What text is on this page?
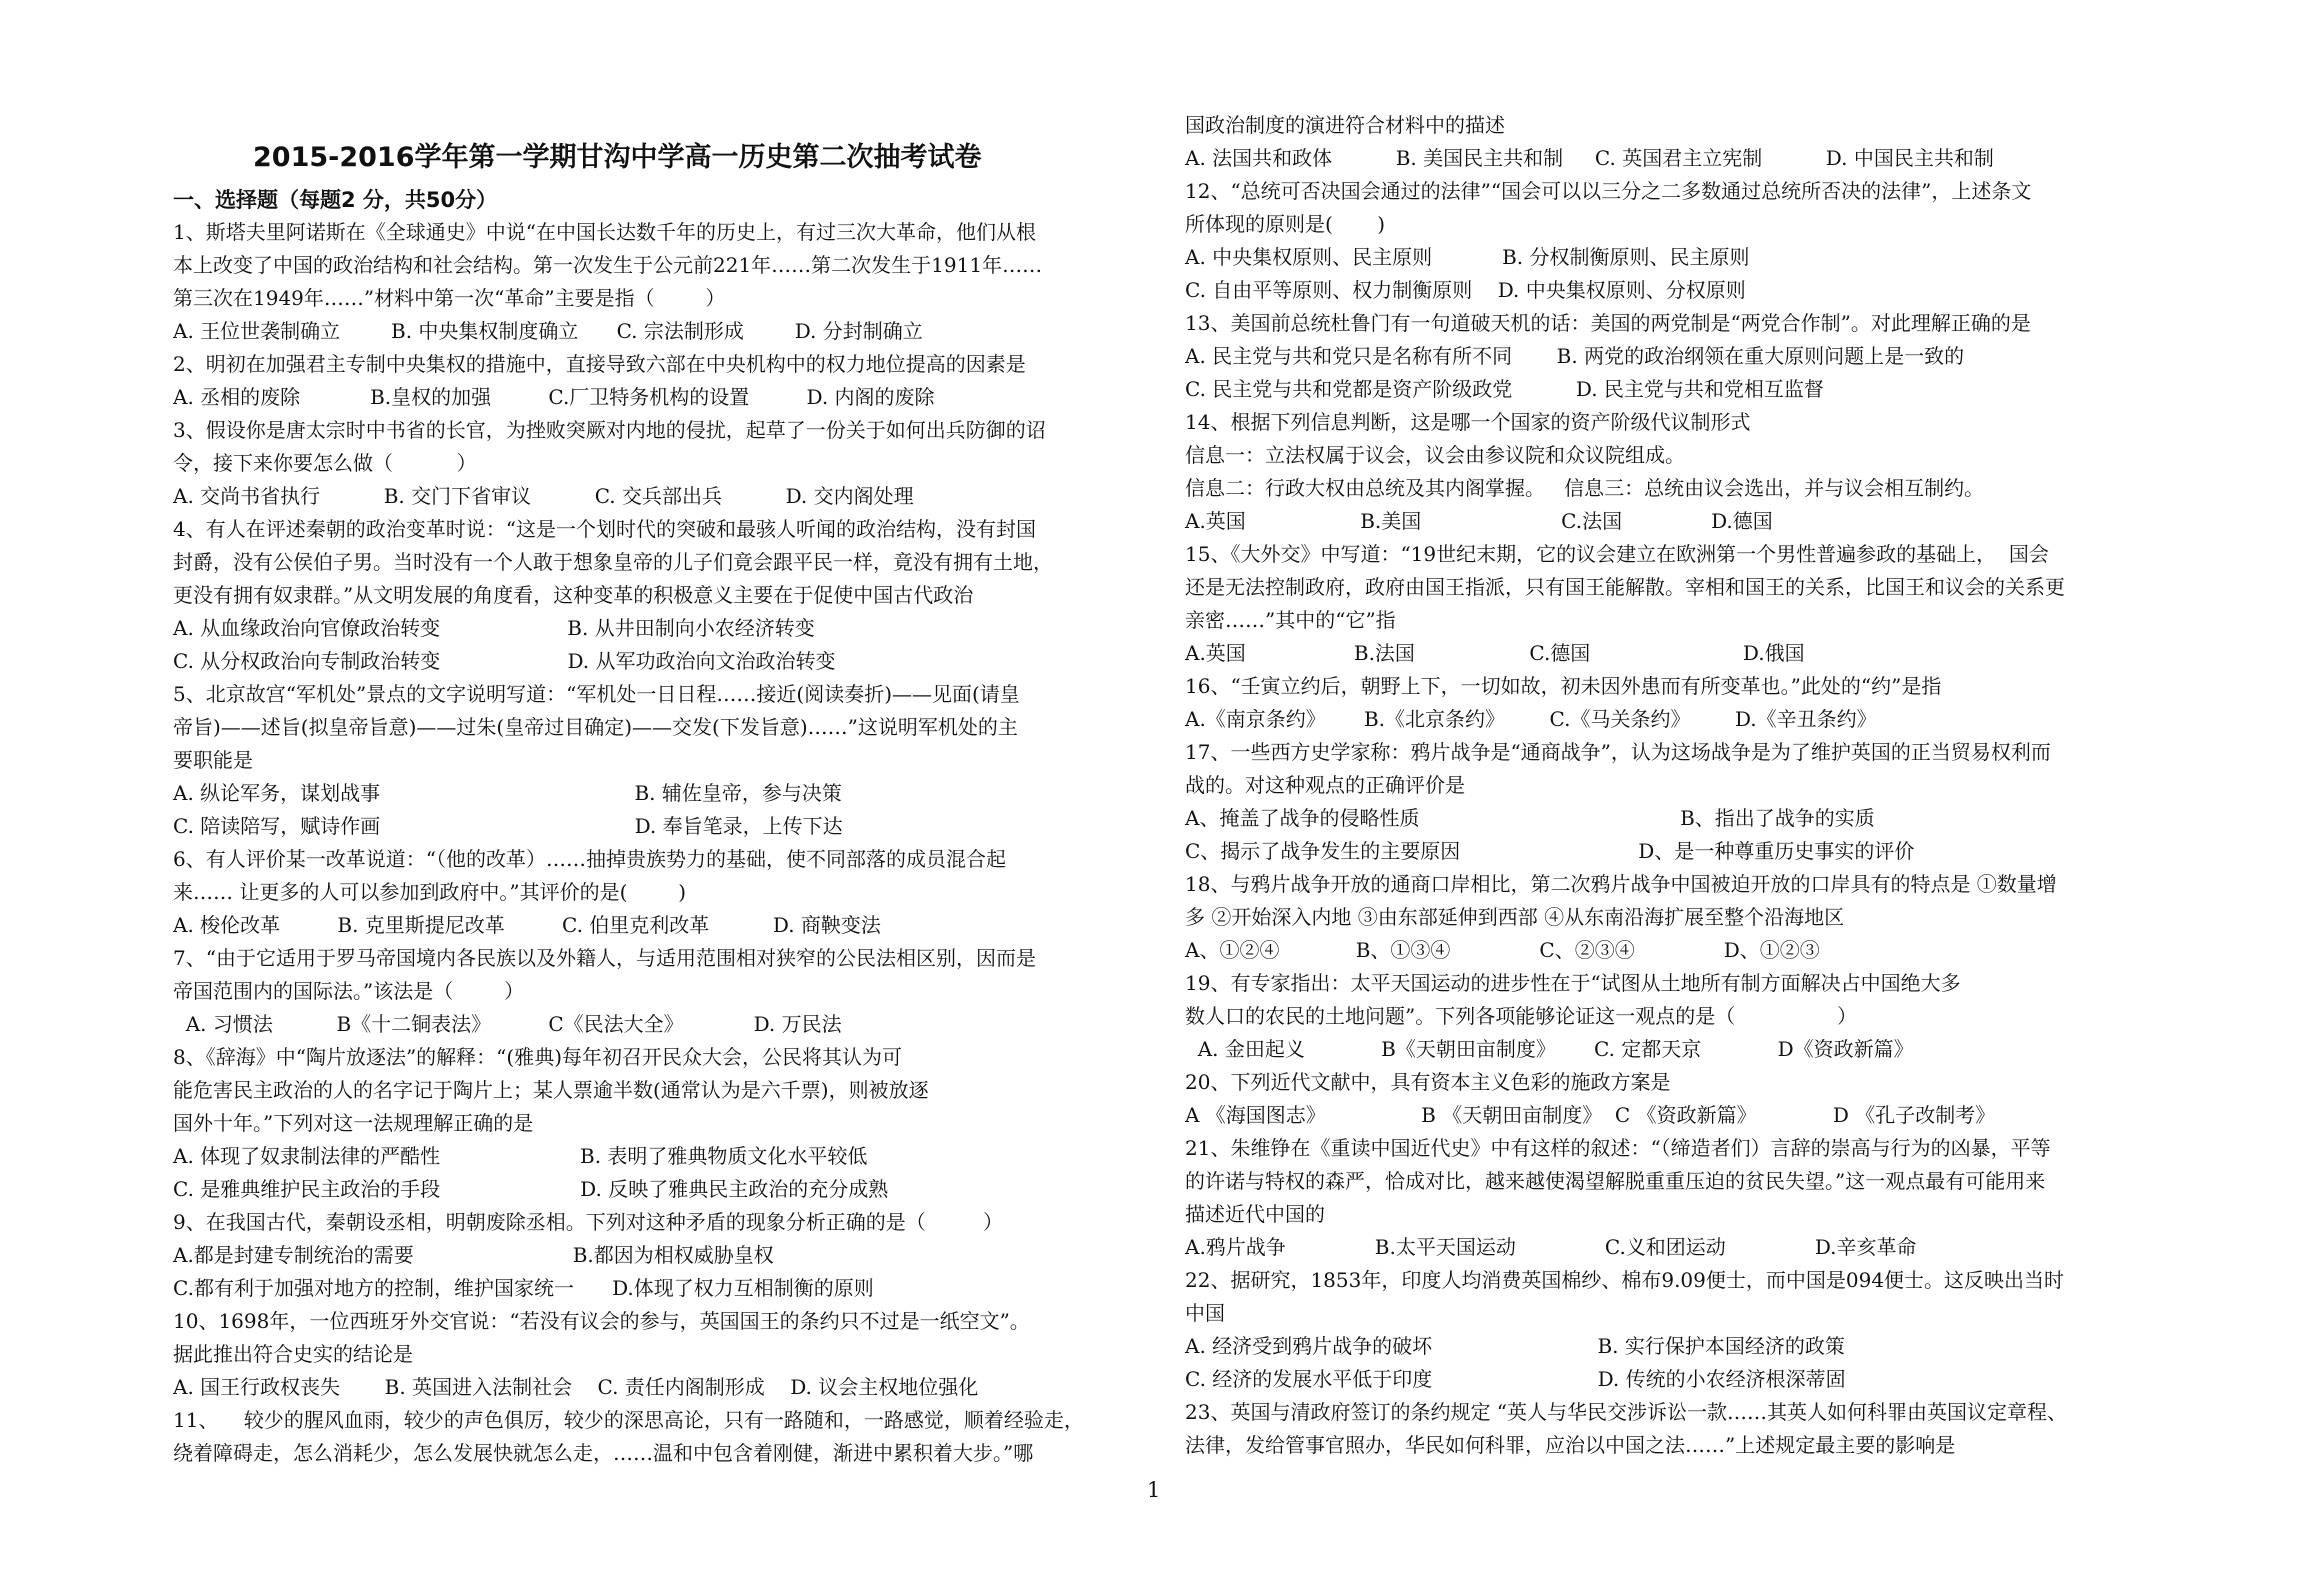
2015-2016学年第一学期甘沟中学高一历史第二次抽考试卷
一、选择题（每题2 分，共50分）
1、斯塔夫里阿诺斯在《全球通史》中说“在中国长达数千年的历史上，有过三次大革命，他们从根
本上改变了中国的政治结构和社会结构。第一次发生于公元前221年……第二次发生于1911年……
第三次在1949年……”材料中第一次“革命”主要是指（        ）
A. 王位世袭制确立        B. 中央集权制度确立      C. 宗法制形成        D. 分封制确立
2、明初在加强君主专制中央集权的措施中，直接导致六部在中央机构中的权力地位提高的因素是
A. 丞相的废除           B.皇权的加强         C.厂卫特务机构的设置         D. 内阁的废除
3、假设你是唐太宗时中书省的长官，为挫败突厥对内地的侵扰，起草了一份关于如何出兵防御的诏
令，接下来你要怎么做（          ）
A. 交尚书省执行          B. 交门下省审议          C. 交兵部出兵          D. 交内阁处理
4、有人在评述秦朝的政治变革时说：“这是一个划时代的突破和最骇人听闻的政治结构，没有封国
封爵，没有公侯伯子男。当时没有一个人敢于想象皇帝的儿子们竟会跟平民一样，竟没有拥有土地，
更没有拥有奴隶群。”从文明发展的角度看，这种变革的积极意义主要在于促使中国古代政治
A. 从血缘政治向官僚政治转变                    B. 从井田制向小农经济转变
C. 从分权政治向专制政治转变                    D. 从军功政治向文治政治转变
5、北京故宫“军机处”景点的文字说明写道：“军机处一日日程……接近(阅读奏折)——见面(请皇
帝旨)——述旨(拟皇帝旨意)——过朱(皇帝过目确定)——交发(下发旨意)……”这说明军机处的主
要职能是
A. 纵论军务，谋划战事                                        B. 辅佐皇帝，参与决策
C. 陪读陪写，赋诗作画                                        D. 奉旨笔录，上传下达
6、有人评价某一改革说道：“（他的改革）……抽掉贵族势力的基础，使不同部落的成员混合起
来…… 让更多的人可以参加到政府中。”其评价的是(        )
A. 梭伦改革         B. 克里斯提尼改革         C. 伯里克利改革          D. 商鞅变法
7、“由于它适用于罗马帝国境内各民族以及外籍人，与适用范围相对狭窄的公民法相区别，因而是
帝国范围内的国际法。”该法是（        ）
A. 习惯法          B《十二铜表法》         C《民法大全》           D. 万民法
8、《辞海》中“陶片放逐法”的解释：“(雅典)每年初召开民众大会，公民将其认为可
能危害民主政治的人的名字记于陶片上；某人票逾半数(通常认为是六千票)，则被放逐
国外十年。”下列对这一法规理解正确的是
A. 体现了奴隶制法律的严酷性                      B. 表明了雅典物质文化水平较低
C. 是雅典维护民主政治的手段                      D. 反映了雅典民主政治的充分成熟
9、在我国古代，秦朝设丞相，明朝废除丞相。下列对这种矛盾的现象分析正确的是（         ）
A.都是封建专制统治的需要                         B.都因为相权威胁皇权
C.都有利于加强对地方的控制，维护国家统一      D.体现了权力互相制衡的原则
10、1698年，一位西班牙外交官说：“若没有议会的参与，英国国王的条约只不过是一纸空文”。
据此推出符合史实的结论是
A. 国王行政权丧失       B. 英国进入法制社会    C. 责任内阁制形成    D. 议会主权地位强化
11、    较少的腥风血雨，较少的声色俱厉，较少的深思高论，只有一路随和，一路感觉，顺着经验走，
绕着障碍走，怎么消耗少，怎么发展快就怎么走，……温和中包含着刚健，渐进中累积着大步。”哪
国政治制度的演进符合材料中的描述
A. 法国共和政体          B. 美国民主共和制     C. 英国君主立宪制          D. 中国民主共和制
12、“总统可否决国会通过的法律”“国会可以以三分之二多数通过总统所否决的法律”，上述条文
所体现的原则是(       )
A. 中央集权原则、民主原则           B. 分权制衡原则、民主原则
C. 自由平等原则、权力制衡原则    D. 中央集权原则、分权原则
13、美国前总统杜鲁门有一句道破天机的话：美国的两党制是“两党合作制”。对此理解正确的是
A. 民主党与共和党只是名称有所不同       B. 两党的政治纲领在重大原则问题上是一致的
C. 民主党与共和党都是资产阶级政党          D. 民主党与共和党相互监督
14、根据下列信息判断，这是哪一个国家的资产阶级代议制形式
信息一：立法权属于议会，议会由参议院和众议院组成。
信息二：行政大权由总统及其内阁掌握。   信息三：总统由议会选出，并与议会相互制约。
A.英国                  B.美国                      C.法国              D.德国
15、《大外交》中写道：“19世纪末期，它的议会建立在欧洲第一个男性普遍参政的基础上，  国会
还是无法控制政府，政府由国王指派，只有国王能解散。宰相和国王的关系，比国王和议会的关系更
亲密……”其中的“它”指
A.英国                 B.法国                  C.德国                        D.俄国
16、“壬寅立约后，朝野上下，一切如故，初未因外患而有所变革也。”此处的“约”是指
A.《南京条约》      B.《北京条约》       C.《马关条约》       D.《辛丑条约》
17、一些西方史学家称：鸦片战争是“通商战争”，认为这场战争是为了维护英国的正当贸易权利而
战的。对这种观点的正确评价是
A、掩盖了战争的侵略性质                                         B、指出了战争的实质
C、揭示了战争发生的主要原因                            D、是一种尊重历史事实的评价
18、与鸦片战争开放的通商口岸相比，第二次鸦片战争中国被迫开放的口岸具有的特点是 ①数量增
多 ②开始深入内地 ③由东部延伸到西部 ④从东南沿海扩展至整个沿海地区
A、①②④            B、①③④              C、②③④              D、①②③
19、有专家指出：太平天国运动的进步性在于“试图从土地所有制方面解决占中国绝大多
数人口的农民的土地问题”。下列各项能够论证这一观点的是（                ）
A. 金田起义            B《天朝田亩制度》      C. 定都天京            D《资政新篇》
20、下列近代文献中，具有资本主义色彩的施政方案是
A 《海国图志》               B 《天朝田亩制度》  C 《资政新篇》            D 《孔子改制考》
21、朱维铮在《重读中国近代史》中有这样的叙述：“（缔造者们）言辞的崇高与行为的凶暴，平等
的许诺与特权的森严，恰成对比，越来越使渴望解脱重重压迫的贫民失望。”这一观点最有可能用来
描述近代中国的
A.鸦片战争              B.太平天国运动              C.义和团运动              D.辛亥革命
22、据研究，1853年，印度人均消费英国棉纱、棉布9.09便士，而中国是094便士。这反映出当时
中国
A. 经济受到鸦片战争的破坏                          B. 实行保护本国经济的政策
C. 经济的发展水平低于印度                          D. 传统的小农经济根深蒂固
23、英国与清政府签订的条约规定 “英人与华民交涉诉讼一款……其英人如何科罪由英国议定章程、
法律，发给管事官照办，华民如何科罪，应治以中国之法……”上述规定最主要的影响是
1
